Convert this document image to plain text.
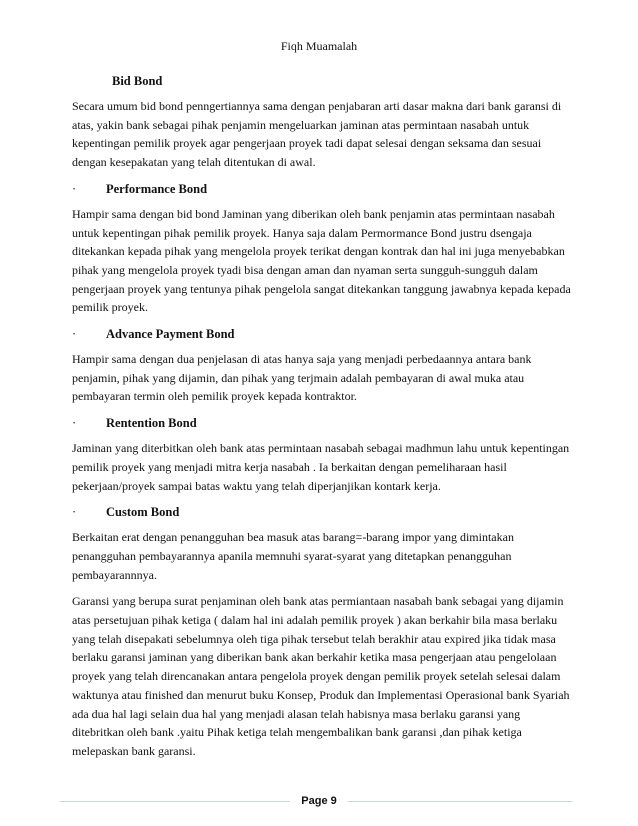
Fiqh Muamalah
Bid Bond

Secara umum bid bond penngertiannya sama dengan penjabaran arti dasar makna dari bank garansi di atas, yakin bank sebagai pihak penjamin mengeluarkan jaminan atas permintaan nasabah untuk kepentingan pemilik proyek agar pengerjaan proyek tadi dapat selesai dengan seksama dan sesuai dengan kesepakatan yang telah ditentukan di awal.

· Performance Bond

Hampir sama dengan bid bond Jaminan yang diberikan oleh bank penjamin atas permintaan nasabah untuk kepentingan pihak pemilik proyek. Hanya saja dalam Permormance Bond justru dsengaja ditekankan kepada pihak yang mengelola proyek terikat dengan kontrak dan hal ini juga menyebabkan pihak yang mengelola proyek tyadi bisa dengan aman dan nyaman serta sungguh-sungguh dalam pengerjaan proyek yang tentunya pihak pengelola sangat ditekankan tanggung jawabnya kepada kepada pemilik proyek.

· Advance Payment Bond

Hampir sama dengan dua penjelasan di atas hanya saja yang menjadi perbedaannya antara bank penjamin, pihak yang dijamin, dan pihak yang terjmain adalah pembayaran di awal muka atau pembayaran termin oleh pemilik proyek kepada kontraktor.

· Rentention Bond

Jaminan yang diterbitkan oleh bank atas permintaan nasabah sebagai madhmun lahu untuk kepentingan pemilik proyek yang menjadi mitra kerja nasabah . Ia berkaitan dengan pemeliharaan hasil pekerjaan/proyek sampai batas waktu yang telah diperjanjikan kontark kerja.

· Custom Bond

Berkaitan erat dengan penangguhan bea masuk atas barang=-barang impor yang dimintakan penangguhan pembayarannya apanila memnuhi syarat-syarat yang ditetapkan penangguhan pembayarannnya.

Garansi yang berupa surat penjaminan oleh bank atas permiantaan nasabah bank sebagai yang dijamin atas persetujuan pihak ketiga ( dalam hal ini adalah pemilik proyek ) akan berkahir bila masa berlaku yang telah disepakati sebelumnya oleh tiga pihak tersebut telah berakhir atau expired jika tidak masa berlaku garansi jaminan yang diberikan bank akan berkahir ketika masa pengerjaan atau pengelolaan proyek yang telah direncanakan antara pengelola proyek dengan pemilik proyek setelah selesai dalam waktunya atau finished dan menurut buku Konsep, Produk dan Implementasi Operasional bank Syariah ada dua hal lagi selain dua hal yang menjadi alasan telah habisnya masa berlaku garansi yang ditebritkan oleh bank .yaitu Pihak ketiga telah mengembalikan bank garansi ,dan pihak ketiga melepaskan bank garansi.

Page 9
